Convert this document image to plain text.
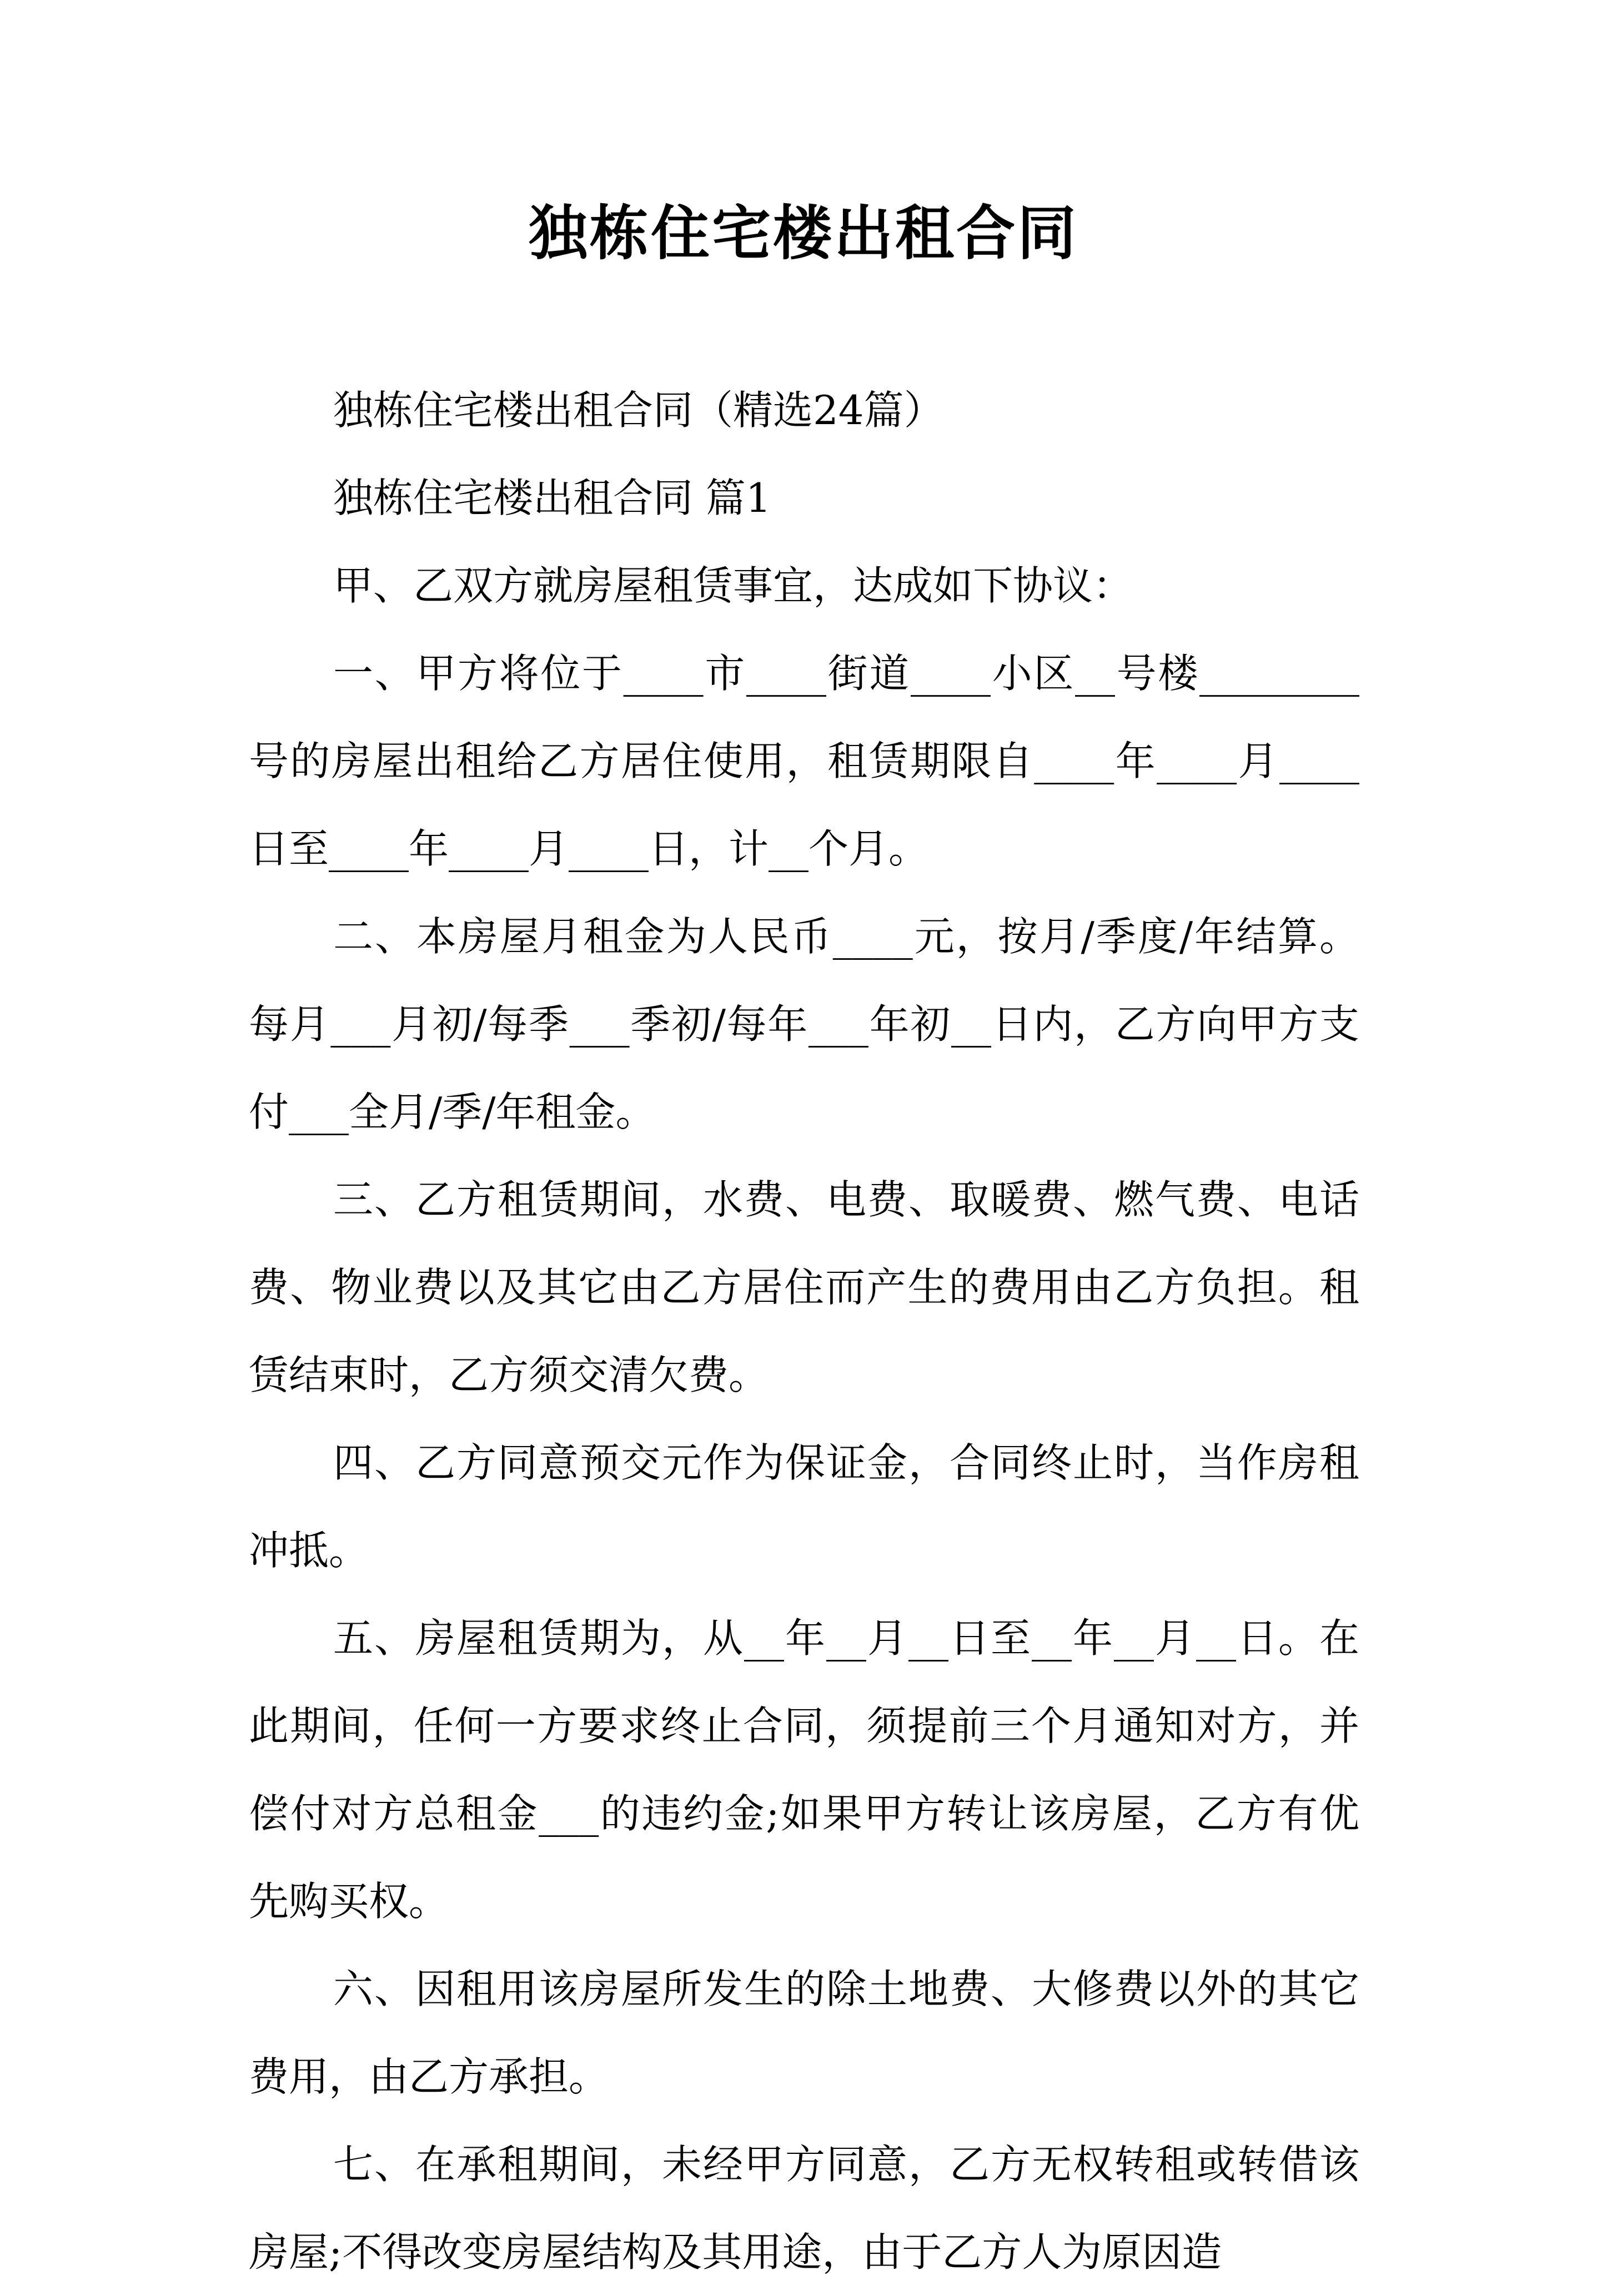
独栋住宅楼出租合同

独栋住宅楼出租合同（精选24篇）

独栋住宅楼出租合同 篇1

甲、乙双方就房屋租赁事宜，达成如下协议：

一、甲方将位于____市____街道____小区__号楼________号的房屋出租给乙方居住使用，租赁期限自____年____月____日至____年____月____日，计__个月。

二、本房屋月租金为人民币____元，按月/季度/年结算。每月___月初/每季___季初/每年___年初__日内，乙方向甲方支付___全月/季/年租金。

三、乙方租赁期间，水费、电费、取暖费、燃气费、电话费、物业费以及其它由乙方居住而产生的费用由乙方负担。租赁结束时，乙方须交清欠费。

四、乙方同意预交元作为保证金，合同终止时，当作房租冲抵。

五、房屋租赁期为，从__年__月__日至__年__月__日。在此期间，任何一方要求终止合同，须提前三个月通知对方，并偿付对方总租金___的违约金;如果甲方转让该房屋，乙方有优先购买权。

六、因租用该房屋所发生的除土地费、大修费以外的其它费用，由乙方承担。

七、在承租期间，未经甲方同意，乙方无权转租或转借该房屋;不得改变房屋结构及其用途，由于乙方人为原因造
